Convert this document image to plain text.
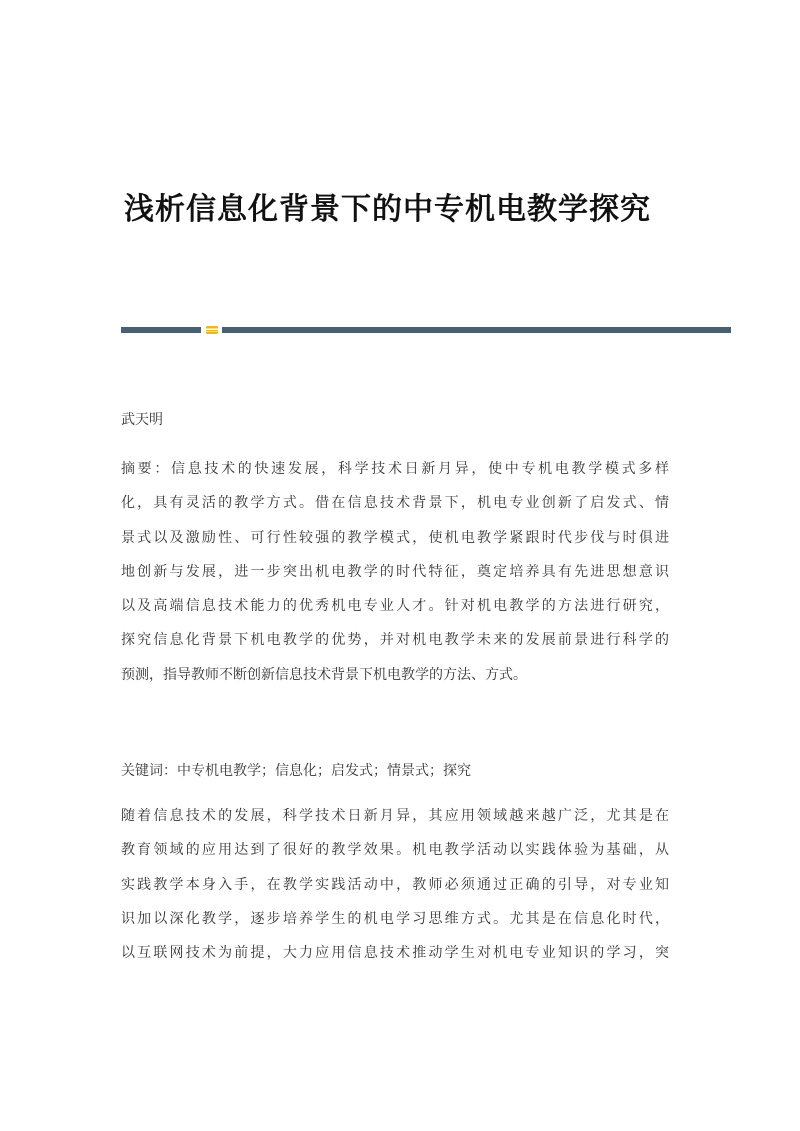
浅析信息化背景下的中专机电教学探究
武天明
摘要：信息技术的快速发展，科学技术日新月异，使中专机电教学模式多样
化，具有灵活的教学方式。借在信息技术背景下，机电专业创新了启发式、情
景式以及激励性、可行性较强的教学模式，使机电教学紧跟时代步伐与时俱进
地创新与发展，进一步突出机电教学的时代特征，奠定培养具有先进思想意识
以及高端信息技术能力的优秀机电专业人才。针对机电教学的方法进行研究，
探究信息化背景下机电教学的优势，并对机电教学未来的发展前景进行科学的
预测，指导教师不断创新信息技术背景下机电教学的方法、方式。
关键词：中专机电教学；信息化；启发式；情景式；探究
随着信息技术的发展，科学技术日新月异，其应用领域越来越广泛，尤其是在
教育领域的应用达到了很好的教学效果。机电教学活动以实践体验为基础，从
实践教学本身入手，在教学实践活动中，教师必须通过正确的引导，对专业知
识加以深化教学，逐步培养学生的机电学习思维方式。尤其是在信息化时代，
以互联网技术为前提，大力应用信息技术推动学生对机电专业知识的学习，突
